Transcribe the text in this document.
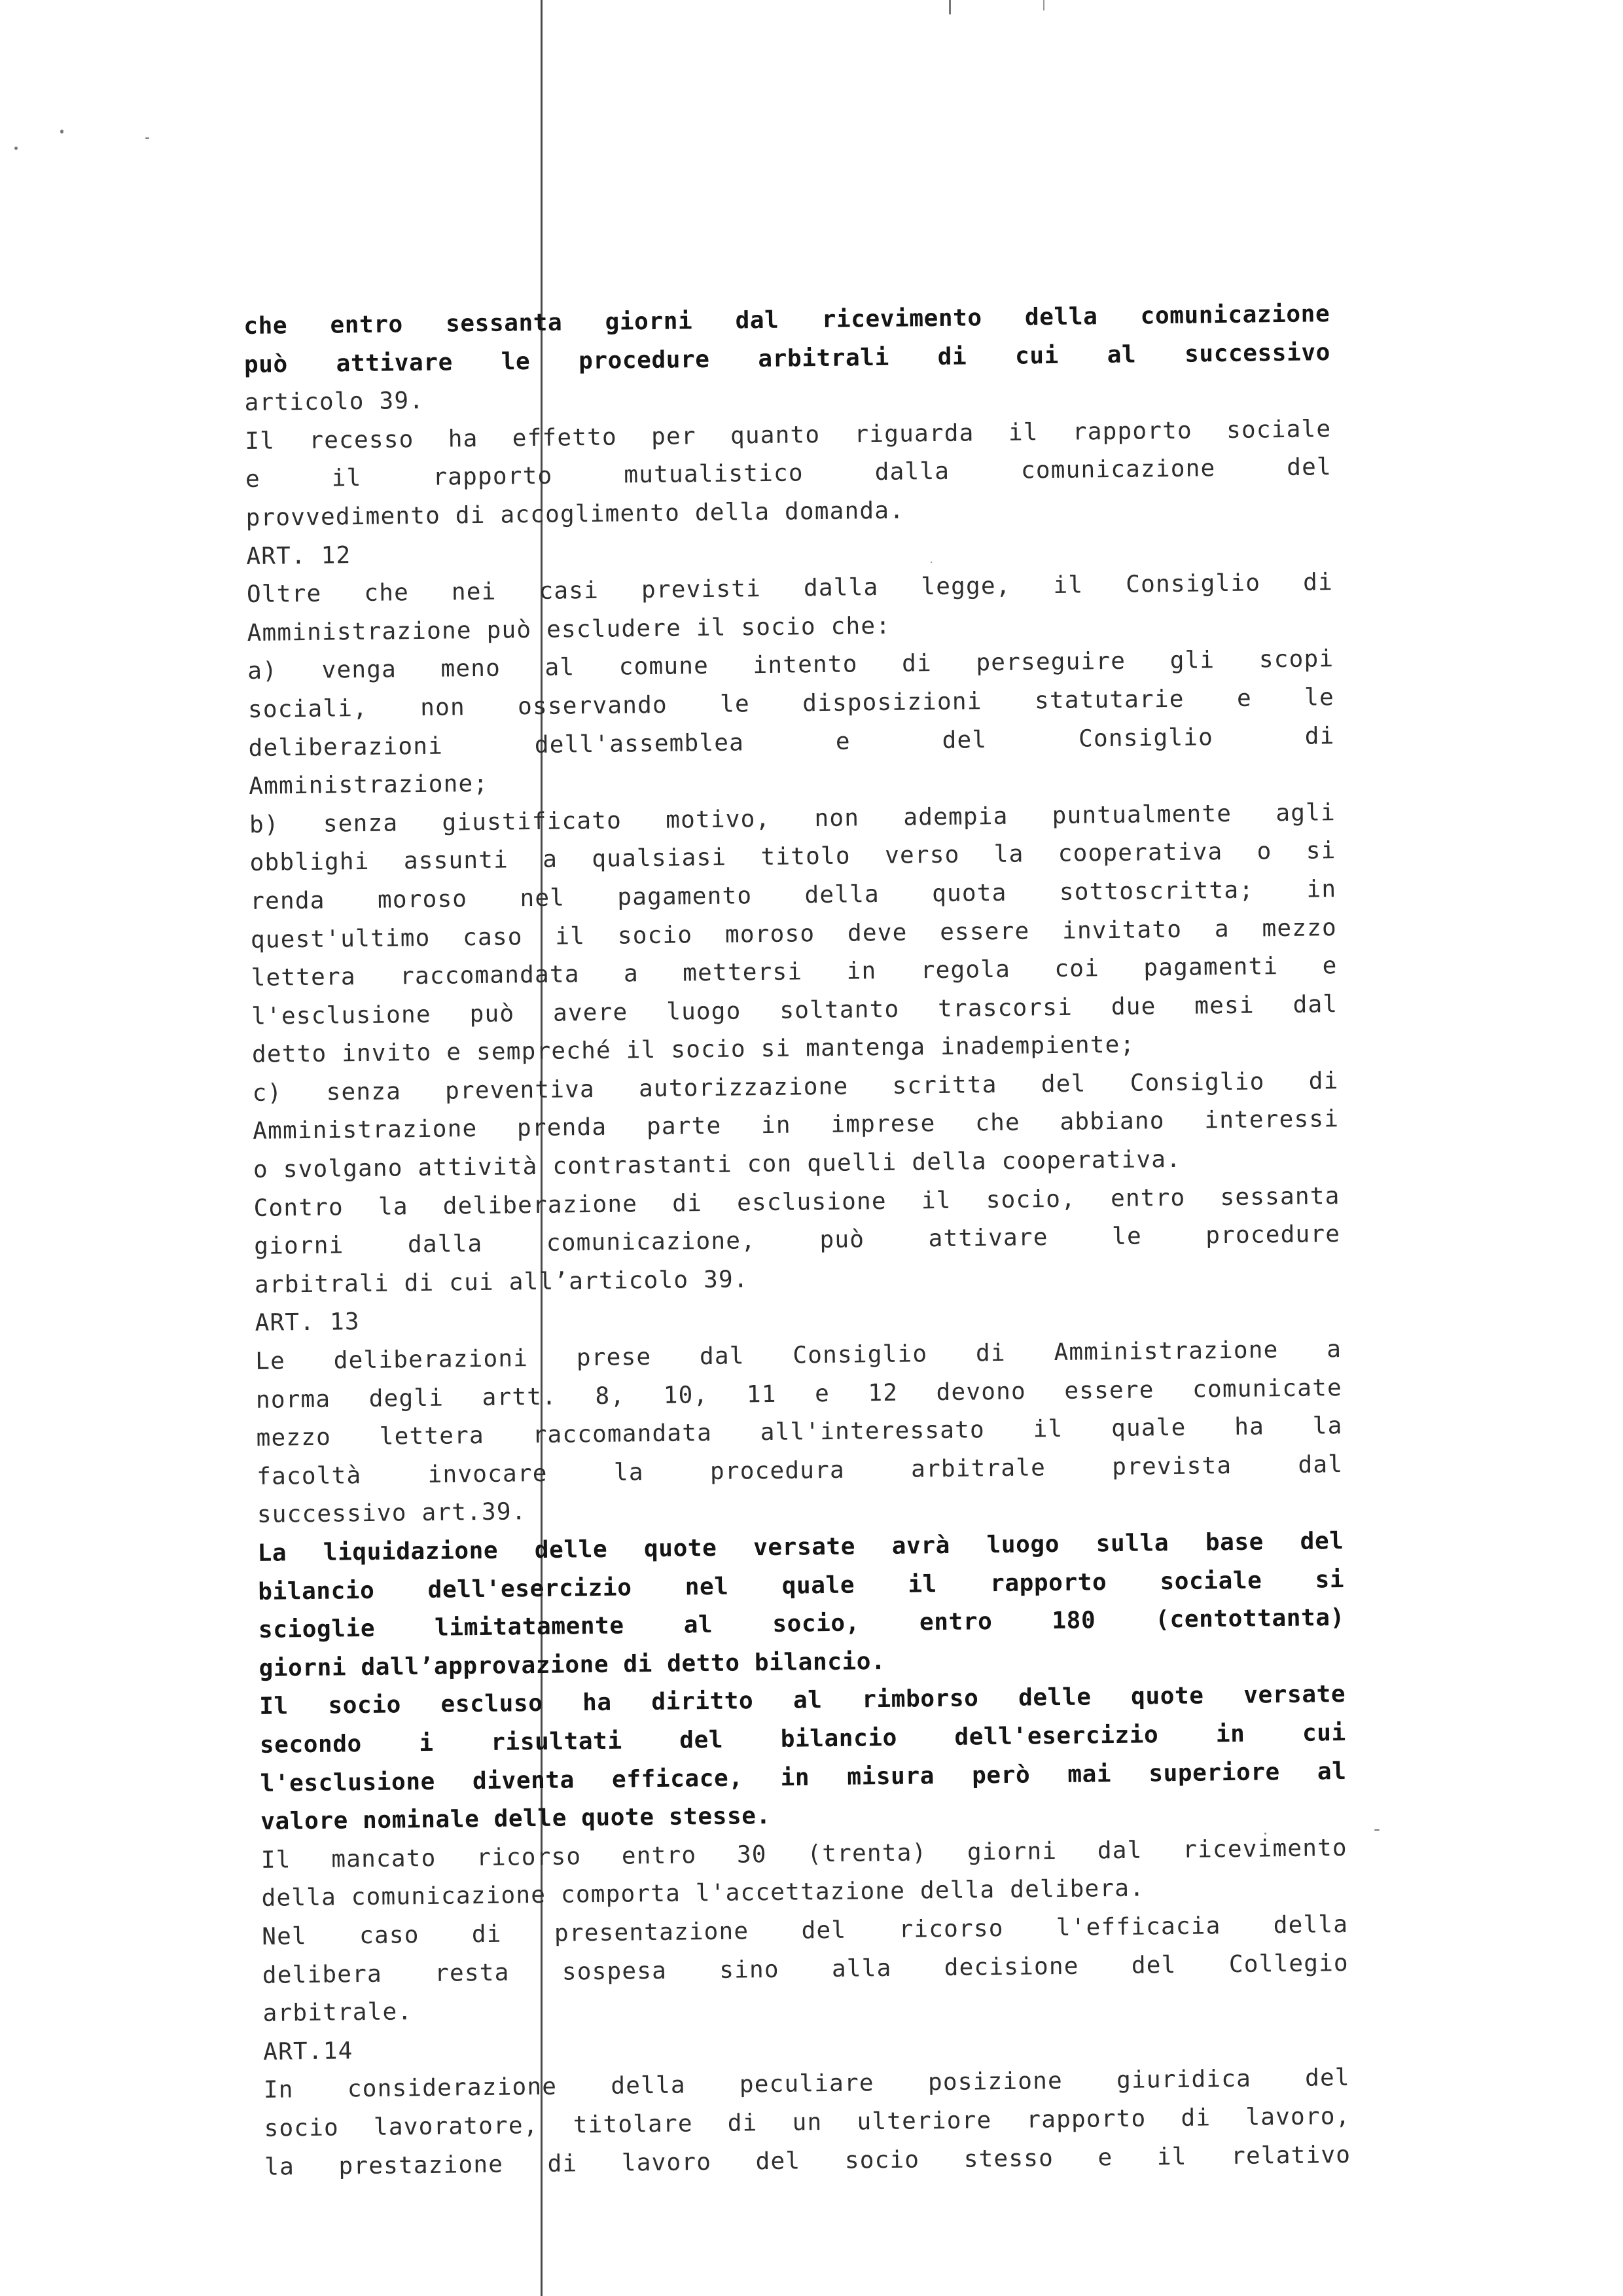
che entro sessanta giorni dal ricevimento della comunicazione
può attivare le procedure arbitrali di cui al successivo
articolo 39.
Il recesso ha effetto per quanto riguarda il rapporto sociale
e il rapporto mutualistico dalla comunicazione del
provvedimento di accoglimento della domanda.
ART. 12
Oltre che nei casi previsti dalla legge, il Consiglio di
Amministrazione può escludere il socio che:
a) venga meno al comune intento di perseguire gli scopi
sociali, non osservando le disposizioni statutarie e le
deliberazioni dell'assemblea e del Consiglio di
Amministrazione;
b) senza giustificato motivo, non adempia puntualmente agli
obblighi assunti a qualsiasi titolo verso la cooperativa o si
renda moroso nel pagamento della quota sottoscritta; in
quest'ultimo caso il socio moroso deve essere invitato a mezzo
lettera raccomandata a mettersi in regola coi pagamenti e
l'esclusione può avere luogo soltanto trascorsi due mesi dal
detto invito e sempreché il socio si mantenga inadempiente;
c) senza preventiva autorizzazione scritta del Consiglio di
Amministrazione prenda parte in imprese che abbiano interessi
o svolgano attività contrastanti con quelli della cooperativa.
Contro la deliberazione di esclusione il socio, entro sessanta
giorni dalla comunicazione, può attivare le procedure
arbitrali di cui all’articolo 39.
ART. 13
Le deliberazioni prese dal Consiglio di Amministrazione a
norma degli artt. 8, 10, 11 e 12 devono essere comunicate
mezzo lettera raccomandata all'interessato il quale ha la
facoltà invocare la procedura arbitrale prevista dal
successivo art.39.
La liquidazione delle quote versate avrà luogo sulla base del
bilancio dell'esercizio nel quale il rapporto sociale si
scioglie limitatamente al socio, entro 180 (centottanta)
giorni dall’approvazione di detto bilancio.
Il socio escluso ha diritto al rimborso delle quote versate
secondo i risultati del bilancio dell'esercizio in cui
l'esclusione diventa efficace, in misura però mai superiore al
valore nominale delle quote stesse.
Il mancato ricorso entro 30 (trenta) giorni dal ricevimento
della comunicazione comporta l'accettazione della delibera.
Nel caso di presentazione del ricorso l'efficacia della
delibera resta sospesa sino alla decisione del Collegio
arbitrale.
ART.14
In considerazione della peculiare posizione giuridica del
socio lavoratore, titolare di un ulteriore rapporto di lavoro,
la prestazione di lavoro del socio stesso e il relativo
